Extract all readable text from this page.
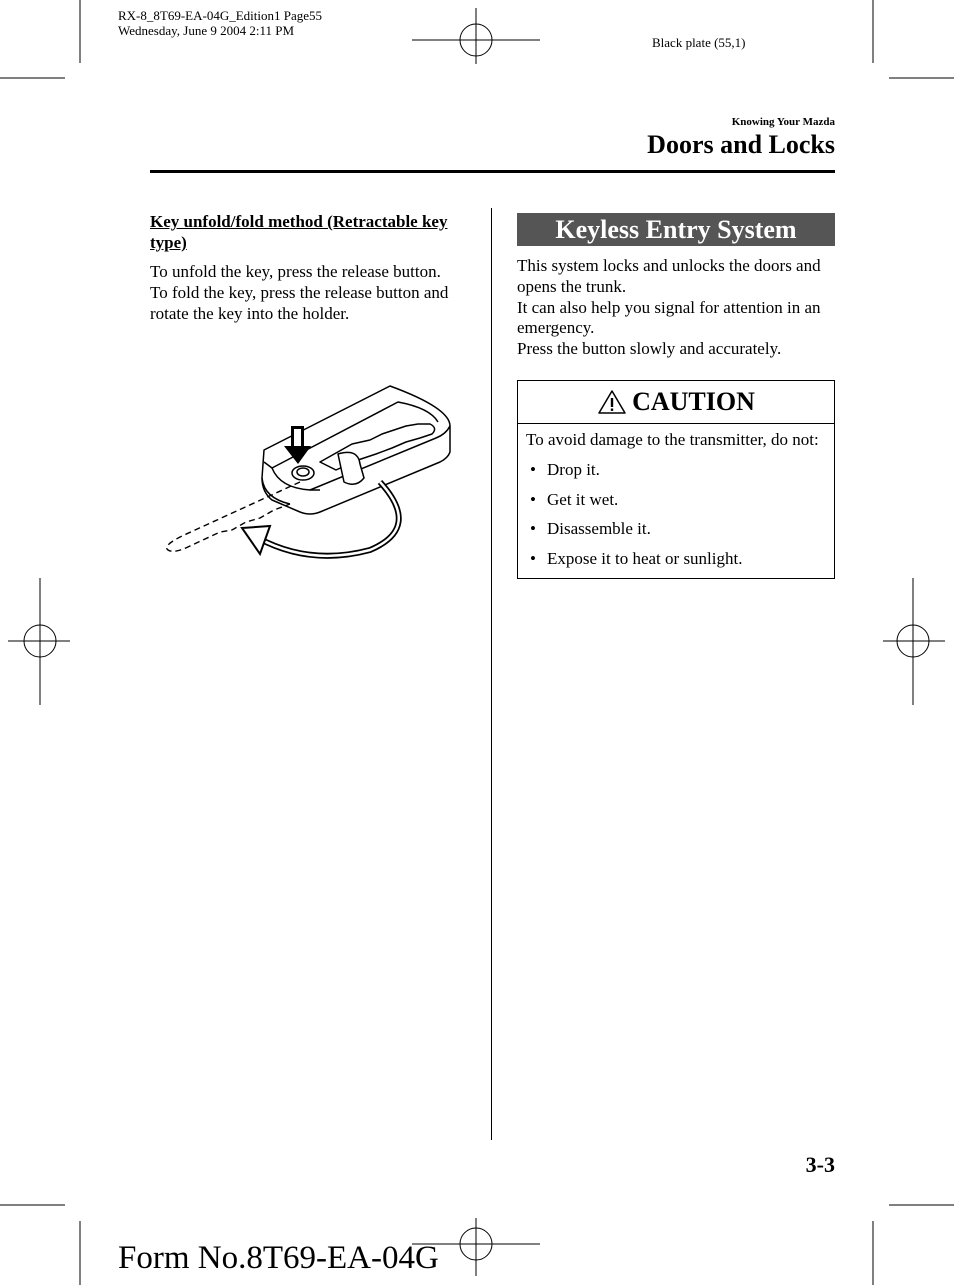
RX-8_8T69-EA-04G_Edition1 Page55
Wednesday, June 9 2004 2:11 PM
Black plate (55,1)
Knowing Your Mazda
Doors and Locks

Key unfold/fold method (Retractable key type)

To unfold the key, press the release button.

To fold the key, press the release button and rotate the key into the holder.

Keyless Entry System

This system locks and unlocks the doors and opens the trunk.

It can also help you signal for attention in an emergency.

Press the button slowly and accurately.

CAUTION
To avoid damage to the transmitter, do not:
• Drop it.
• Get it wet.
• Disassemble it.
• Expose it to heat or sunlight.
3-3
Form No.8T69-EA-04G
